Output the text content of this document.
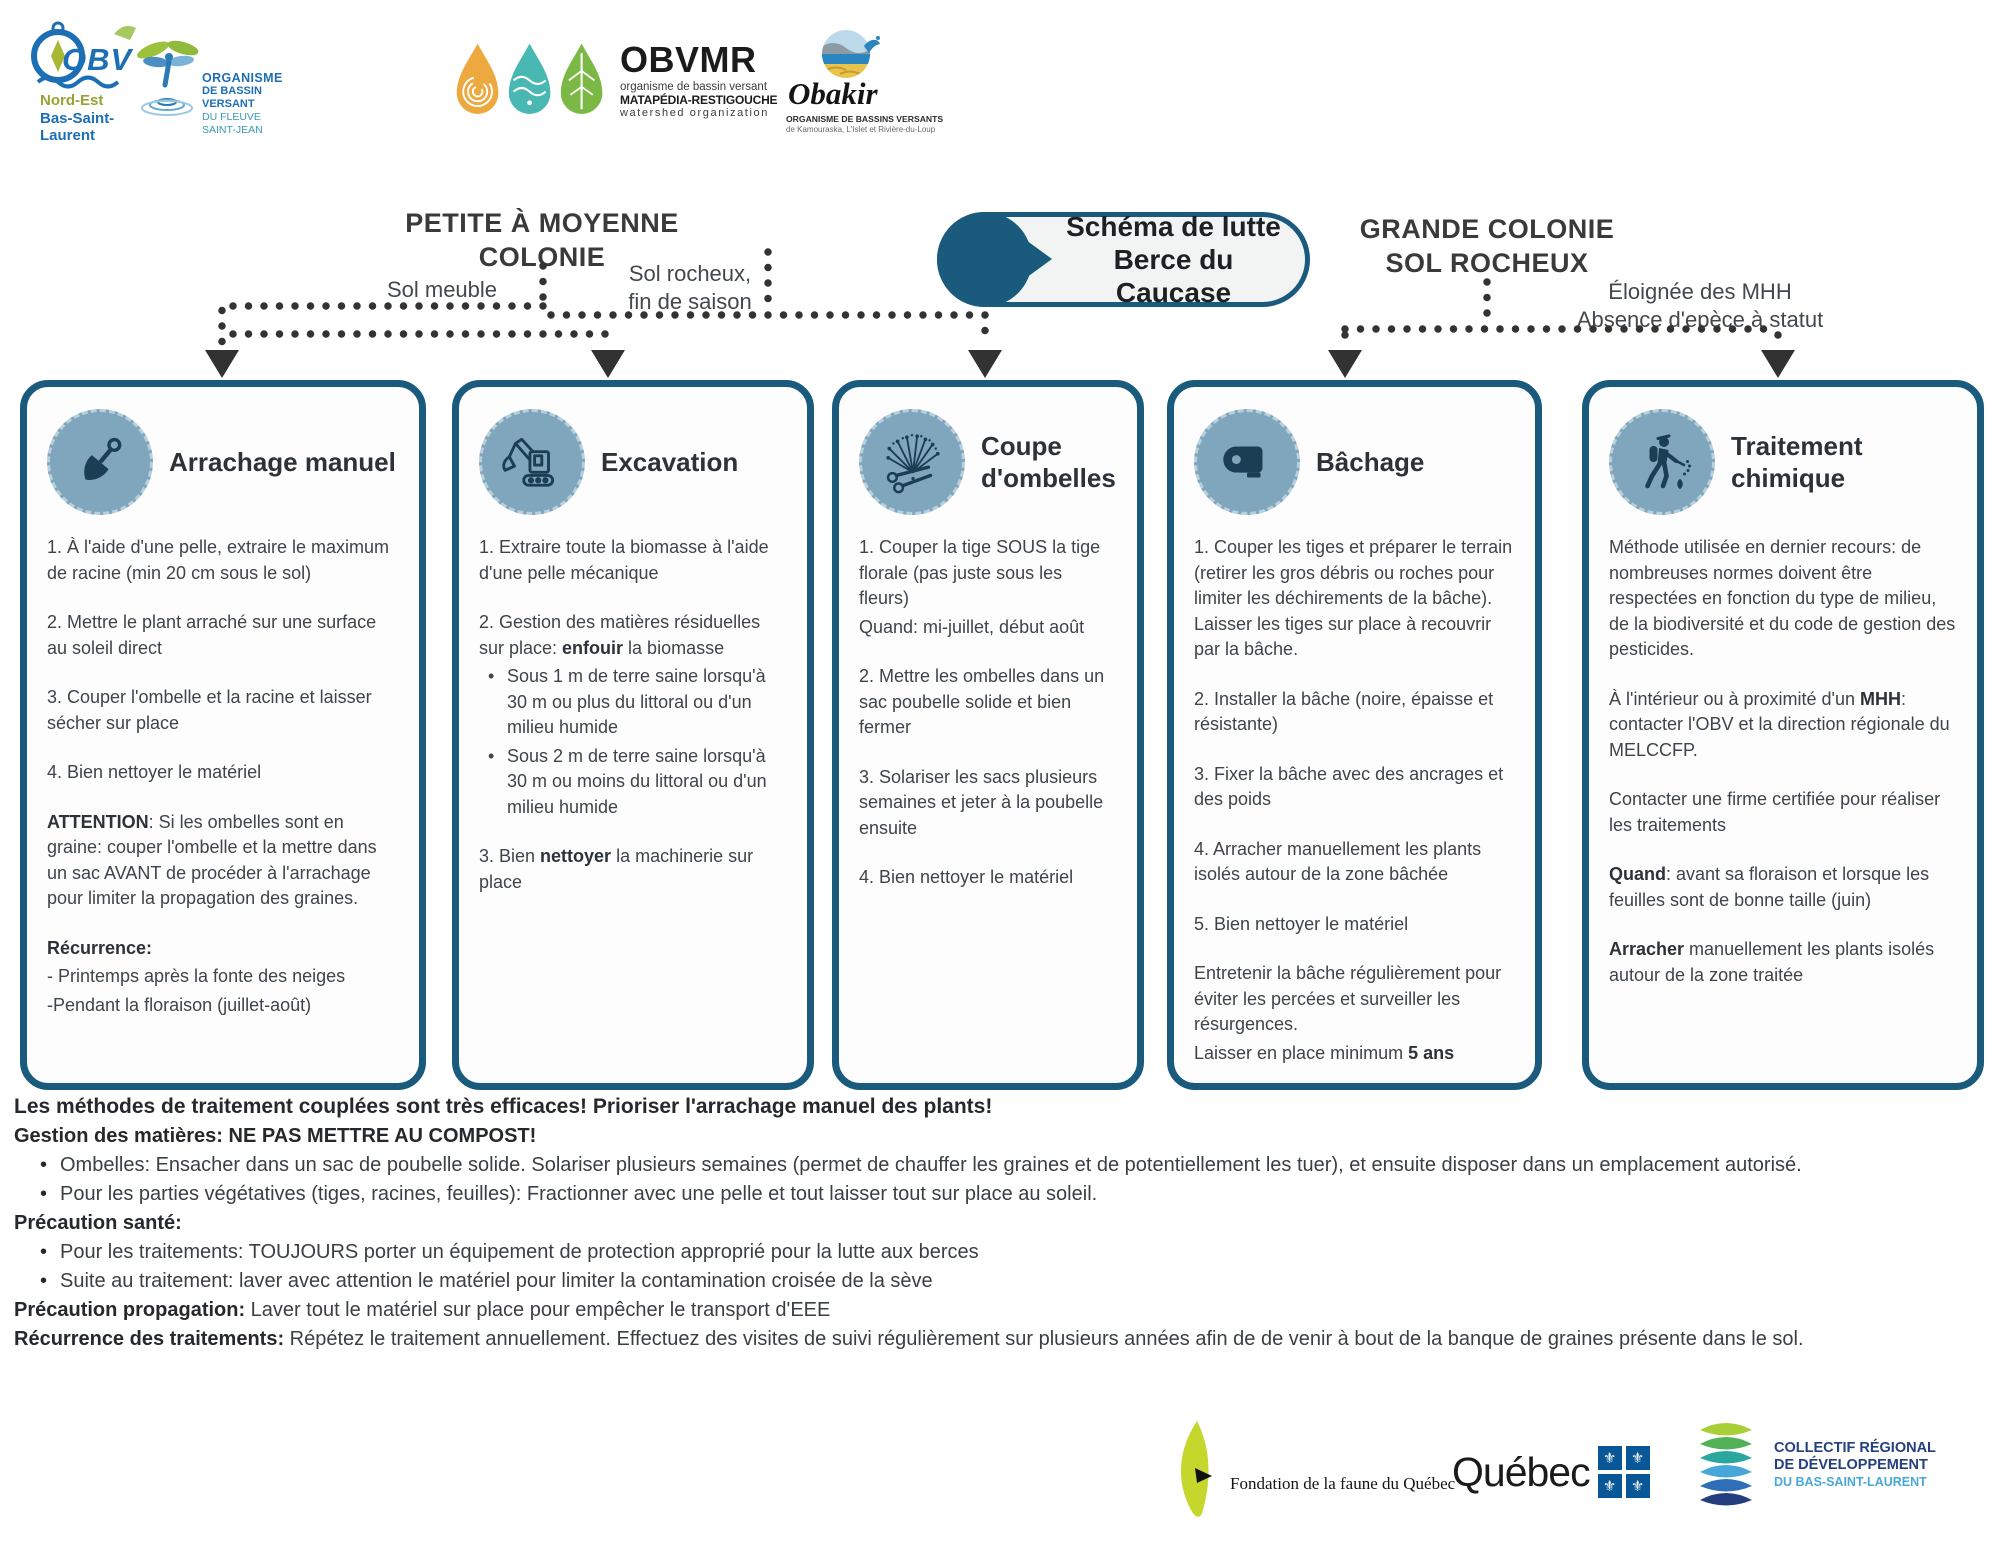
OBV
Nord-Est
Bas-Saint-Laurent
ORGANISME
DE BASSIN VERSANT
DU FLEUVE SAINT-JEAN
OBVMR
organisme de bassin versant
MATAPÉDIA-RESTIGOUCHE
watershed organization
Obakir
ORGANISME DE BASSINS VERSANTS
de Kamouraska, L'Islet et Rivière-du-Loup
PETITE À MOYENNE
COLONIE
GRANDE COLONIE
SOL ROCHEUX
Sol meuble
Sol rocheux,
fin de saison	Éloignée des MHH
Absence d'epèce à statut
Schéma de lutte
Berce du Caucase
Arrachage manuel
1. À l'aide d'une pelle, extraire le maximum de racine (min 20 cm sous le sol)
2. Mettre le plant arraché sur une surface au soleil direct
3. Couper l'ombelle et la racine et laisser sécher sur place
4. Bien nettoyer le matériel
ATTENTION: Si les ombelles sont en graine: couper l'ombelle et la mettre dans un sac AVANT de procéder à l'arrachage pour limiter la propagation des graines.
Récurrence:
- Printemps après la fonte des neiges
-Pendant la floraison (juillet-août)
Excavation
1. Extraire toute la biomasse à l'aide d'une pelle mécanique
2. Gestion des matières résiduelles sur place: enfouir la biomasse
• Sous 1 m de terre saine lorsqu'à 30 m ou plus du littoral ou d'un milieu humide
• Sous 2 m de terre saine lorsqu'à 30 m ou moins du littoral ou d'un milieu humide
3. Bien nettoyer la machinerie sur place
Coupe d'ombelles
1. Couper la tige SOUS la tige florale (pas juste sous les fleurs)
Quand: mi-juillet, début août
2. Mettre les ombelles dans un sac poubelle solide et bien fermer
3. Solariser les sacs plusieurs semaines et jeter à la poubelle ensuite
4. Bien nettoyer le matériel
Bâchage
1. Couper les tiges et préparer le terrain (retirer les gros débris ou roches pour limiter les déchirements de la bâche). Laisser les tiges sur place à recouvrir par la bâche.
2. Installer la bâche (noire, épaisse et résistante)
3. Fixer la bâche avec des ancrages et des poids
4. Arracher manuellement les plants isolés autour de la zone bâchée
5. Bien nettoyer le matériel
Entretenir la bâche régulièrement pour éviter les percées et surveiller les résurgences.
Laisser en place minimum 5 ans
Traitement chimique
Méthode utilisée en dernier recours: de nombreuses normes doivent être respectées en fonction du type de milieu, de la biodiversité et du code de gestion des pesticides.
À l'intérieur ou à proximité d'un MHH: contacter l'OBV et la direction régionale du MELCCFP.
Contacter une firme certifiée pour réaliser les traitements
Quand: avant sa floraison et lorsque les feuilles sont de bonne taille (juin)
Arracher manuellement les plants isolés autour de la zone traitée
Les méthodes de traitement couplées sont très efficaces! Prioriser l'arrachage manuel des plants!
Gestion des matières: NE PAS METTRE AU COMPOST!
• Ombelles: Ensacher dans un sac de poubelle solide. Solariser plusieurs semaines (permet de chauffer les graines et de potentiellement les tuer), et ensuite disposer dans un emplacement autorisé.
• Pour les parties végétatives (tiges, racines, feuilles): Fractionner avec une pelle et tout laisser tout sur place au soleil.
Précaution santé:
• Pour les traitements: TOUJOURS porter un équipement de protection approprié pour la lutte aux berces
• Suite au traitement: laver avec attention le matériel pour limiter la contamination croisée de la sève
Précaution propagation: Laver tout le matériel sur place pour empêcher le transport d'EEE
Récurrence des traitements: Répétez le traitement annuellement. Effectuez des visites de suivi régulièrement sur plusieurs années afin de de venir à bout de la banque de graines présente dans le sol.
Fondation de la faune du Québec
Québec ⚜ ⚜
⚜ ⚜
COLLECTIF RÉGIONAL
DE DÉVELOPPEMENT
DU BAS-SAINT-LAURENT
